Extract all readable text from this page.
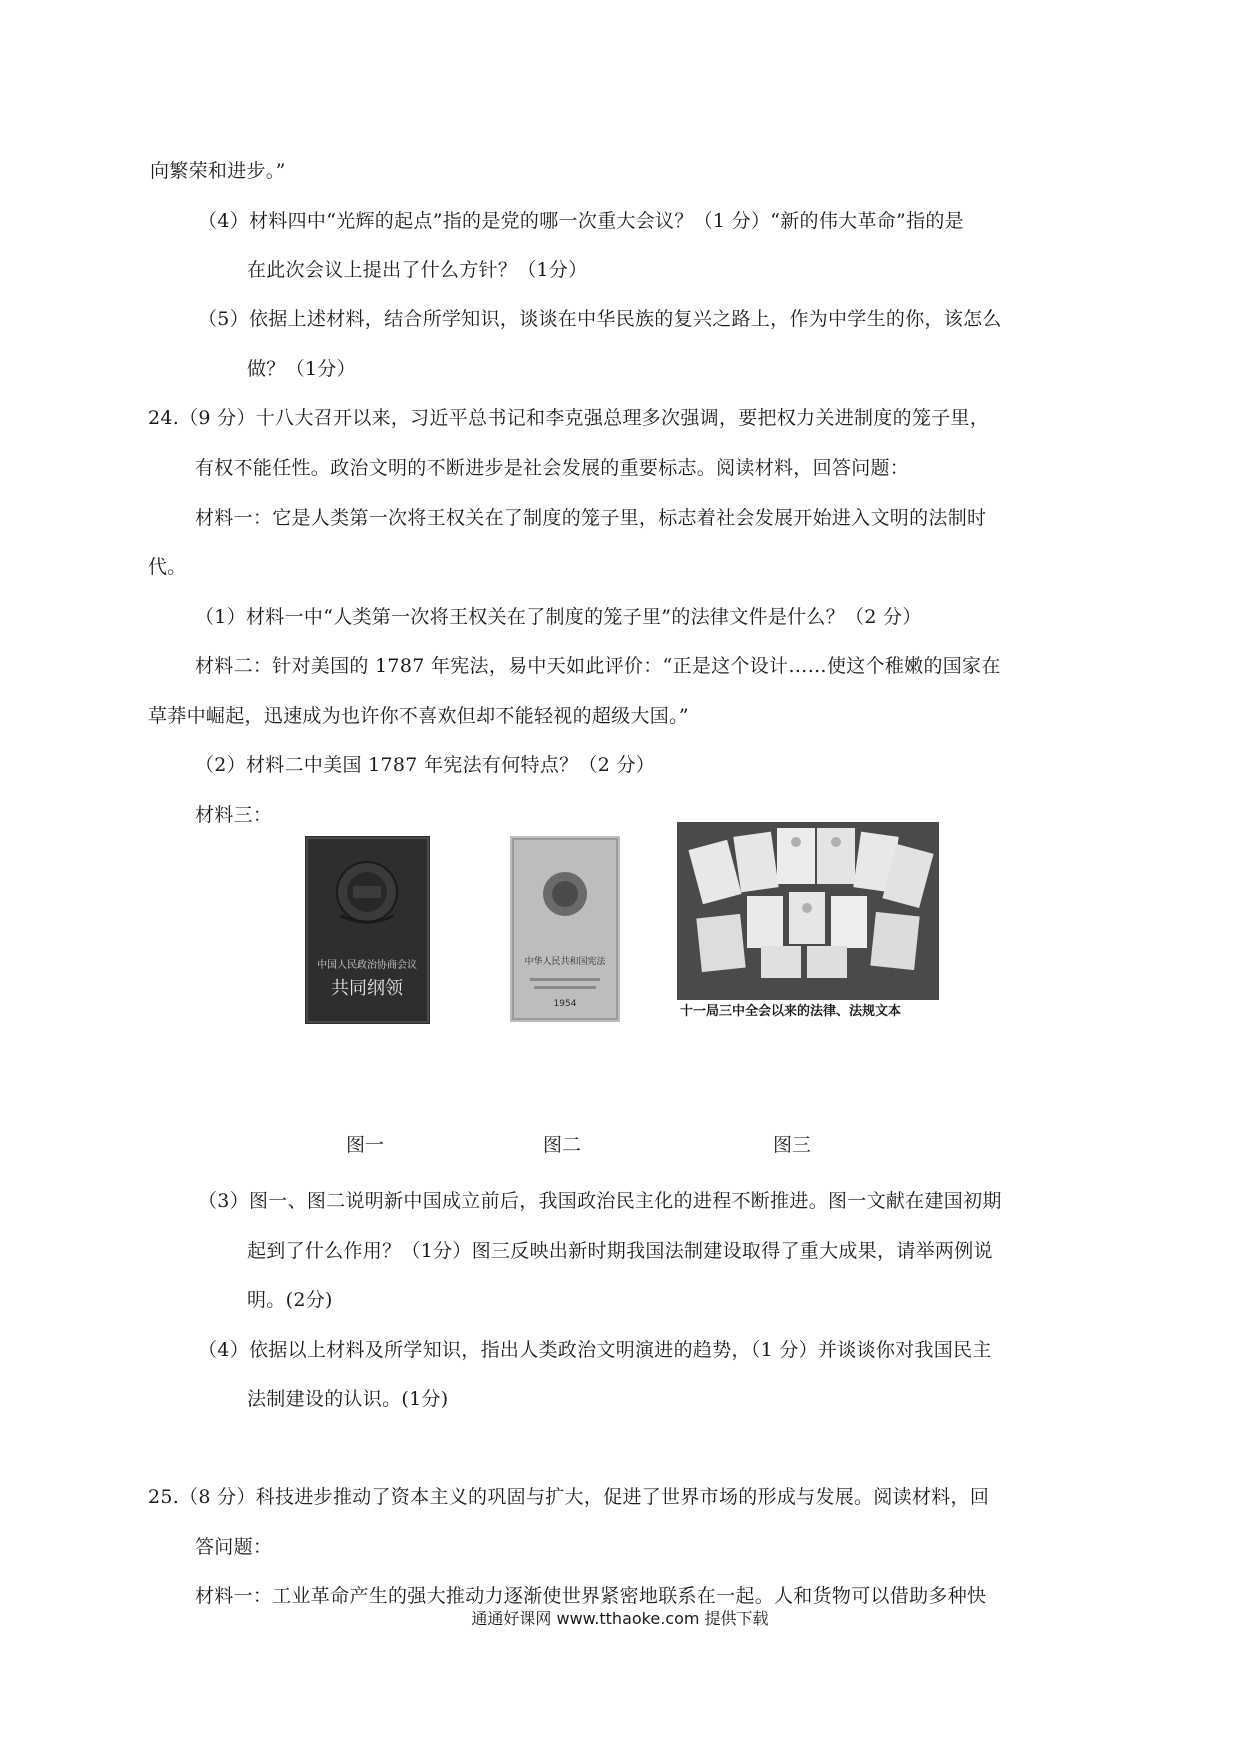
向繁荣和进步。”
（4）材料四中“光辉的起点”指的是党的哪一次重大会议？（1 分）“新的伟大革命”指的是
在此次会议上提出了什么方针？（1分）
（5）依据上述材料，结合所学知识，谈谈在中华民族的复兴之路上，作为中学生的你，该怎么
做？（1分）
24.（9 分）十八大召开以来，习近平总书记和李克强总理多次强调，要把权力关进制度的笼子里，
有权不能任性。政治文明的不断进步是社会发展的重要标志。阅读材料，回答问题：
材料一：它是人类第一次将王权关在了制度的笼子里，标志着社会发展开始进入文明的法制时
代。
（1）材料一中“人类第一次将王权关在了制度的笼子里”的法律文件是什么？（2 分）
材料二：针对美国的 1787 年宪法，易中天如此评价：“正是这个设计……使这个稚嫩的国家在
草莽中崛起，迅速成为也许你不喜欢但却不能轻视的超级大国。”
（2）材料二中美国 1787 年宪法有何特点？（2 分）
材料三：
中国人民政治协商会议
共同纲领
中华人民共和国宪法
1954	十一局三中全会以来的法律、法规文本
图一	图二	图三
（3）图一、图二说明新中国成立前后，我国政治民主化的进程不断推进。图一文献在建国初期
起到了什么作用？（1分）图三反映出新时期我国法制建设取得了重大成果，请举两例说
明。(2分)
（4）依据以上材料及所学知识，指出人类政治文明演进的趋势，（1 分）并谈谈你对我国民主
法制建设的认识。(1分)
25.（8 分）科技进步推动了资本主义的巩固与扩大，促进了世界市场的形成与发展。阅读材料，回
答问题：
材料一：工业革命产生的强大推动力逐渐使世界紧密地联系在一起。人和货物可以借助多种快
通通好课网 www.tthaoke.com 提供下载
